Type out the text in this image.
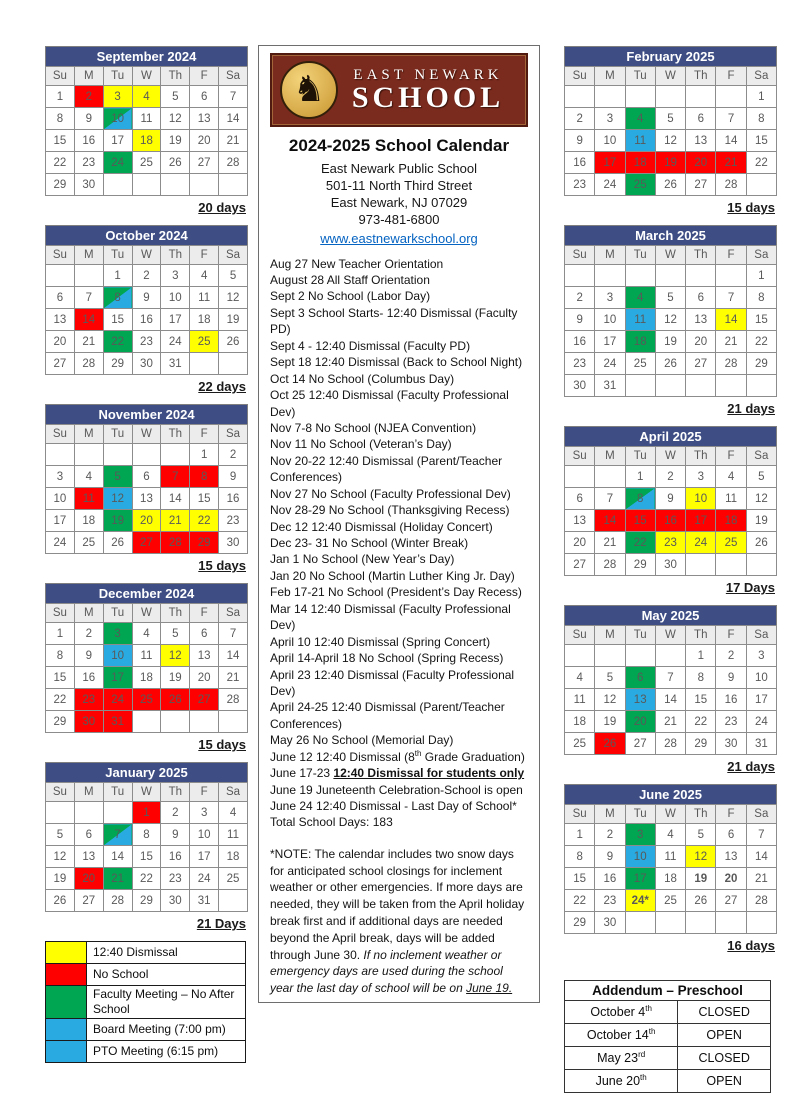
September 2024
Su	M	Tu	W	Th	F	Sa
1	2	3	4	5	6	7
8	9	10	11	12	13	14
15	16	17	18	19	20	21
22	23	24	25	26	27	28
29	30					
20 days
October 2024
Su	M	Tu	W	Th	F	Sa
		1	2	3	4	5
6	7	8	9	10	11	12
13	14	15	16	17	18	19
20	21	22	23	24	25	26
27	28	29	30	31		
22 days
November 2024
Su	M	Tu	W	Th	F	Sa
					1	2
3	4	5	6	7	8	9
10	11	12	13	14	15	16
17	18	19	20	21	22	23
24	25	26	27	28	29	30
15 days
December 2024
Su	M	Tu	W	Th	F	Sa
1	2	3	4	5	6	7
8	9	10	11	12	13	14
15	16	17	18	19	20	21
22	23	24	25	26	27	28
29	30	31				
15 days
January 2025
Su	M	Tu	W	Th	F	Sa
			1	2	3	4
5	6	7	8	9	10	11
12	13	14	15	16	17	18
19	20	21	22	23	24	25
26	27	28	29	30	31	
21 Days
	12:40 Dismissal
	No School
	Faculty Meeting – No After School
	Board Meeting (7:00 pm)
	PTO Meeting (6:15 pm)
♞	EAST NEWARK
SCHOOL
2024-2025 School Calendar
East Newark Public School
501-11 North Third Street
East Newark, NJ 07029
973-481-6800
www.eastnewarkschool.org
Aug 27 New Teacher Orientation
August 28 All Staff Orientation
Sept 2 No School (Labor Day)
Sept 3 School Starts- 12:40 Dismissal (Faculty PD)
Sept 4 - 12:40 Dismissal (Faculty PD)
Sept 18 12:40 Dismissal (Back to School Night)
Oct 14 No School (Columbus Day)
Oct 25 12:40 Dismissal (Faculty Professional Dev)
Nov 7-8 No School (NJEA Convention)
Nov 11 No School (Veteran’s Day)
Nov 20-22 12:40 Dismissal (Parent/Teacher Conferences)
Nov 27 No School (Faculty Professional Dev)
Nov 28-29 No School (Thanksgiving Recess)
Dec 12 12:40 Dismissal (Holiday Concert)
Dec 23- 31 No School (Winter Break)
Jan 1 No School (New Year’s Day)
Jan 20 No School (Martin Luther King Jr. Day)
Feb 17-21 No School (President’s Day Recess)
Mar 14 12:40 Dismissal (Faculty Professional Dev)
April 10 12:40 Dismissal (Spring Concert)
April 14-April 18 No School (Spring Recess)
April 23 12:40 Dismissal (Faculty Professional Dev)
April 24-25 12:40 Dismissal (Parent/Teacher Conferences)
May 26 No School (Memorial Day)
June 12 12:40 Dismissal (8th Grade Graduation)
June 17-23 12:40 Dismissal for students only
June 19 Juneteenth Celebration-School is open
June 24 12:40 Dismissal - Last Day of School*
Total School Days: 183
*NOTE: The calendar includes two snow days for anticipated school closings for inclement weather or other emergencies. If more days are needed, they will be taken from the April holiday break first and if additional days are needed beyond the April break, days will be added through June 30. If no inclement weather or emergency days are used during the school year the last day of school will be on June 19.
February 2025
Su	M	Tu	W	Th	F	Sa
						1
2	3	4	5	6	7	8
9	10	11	12	13	14	15
16	17	18	19	20	21	22
23	24	25	26	27	28	
15 days
March 2025
Su	M	Tu	W	Th	F	Sa
						1
2	3	4	5	6	7	8
9	10	11	12	13	14	15
16	17	18	19	20	21	22
23	24	25	26	27	28	29
30	31					
21 days
April 2025
Su	M	Tu	W	Th	F	Sa
		1	2	3	4	5
6	7	8	9	10	11	12
13	14	15	16	17	18	19
20	21	22	23	24	25	26
27	28	29	30			
17 Days
May 2025
Su	M	Tu	W	Th	F	Sa
				1	2	3
4	5	6	7	8	9	10
11	12	13	14	15	16	17
18	19	20	21	22	23	24
25	26	27	28	29	30	31
21 days
June 2025
Su	M	Tu	W	Th	F	Sa
1	2	3	4	5	6	7
8	9	10	11	12	13	14
15	16	17	18	19	20	21
22	23	24*	25	26	27	28
29	30					
16 days
Addendum – Preschool	
October 4th	CLOSED
October 14th	OPEN
May 23rd	CLOSED
June 20th	OPEN
